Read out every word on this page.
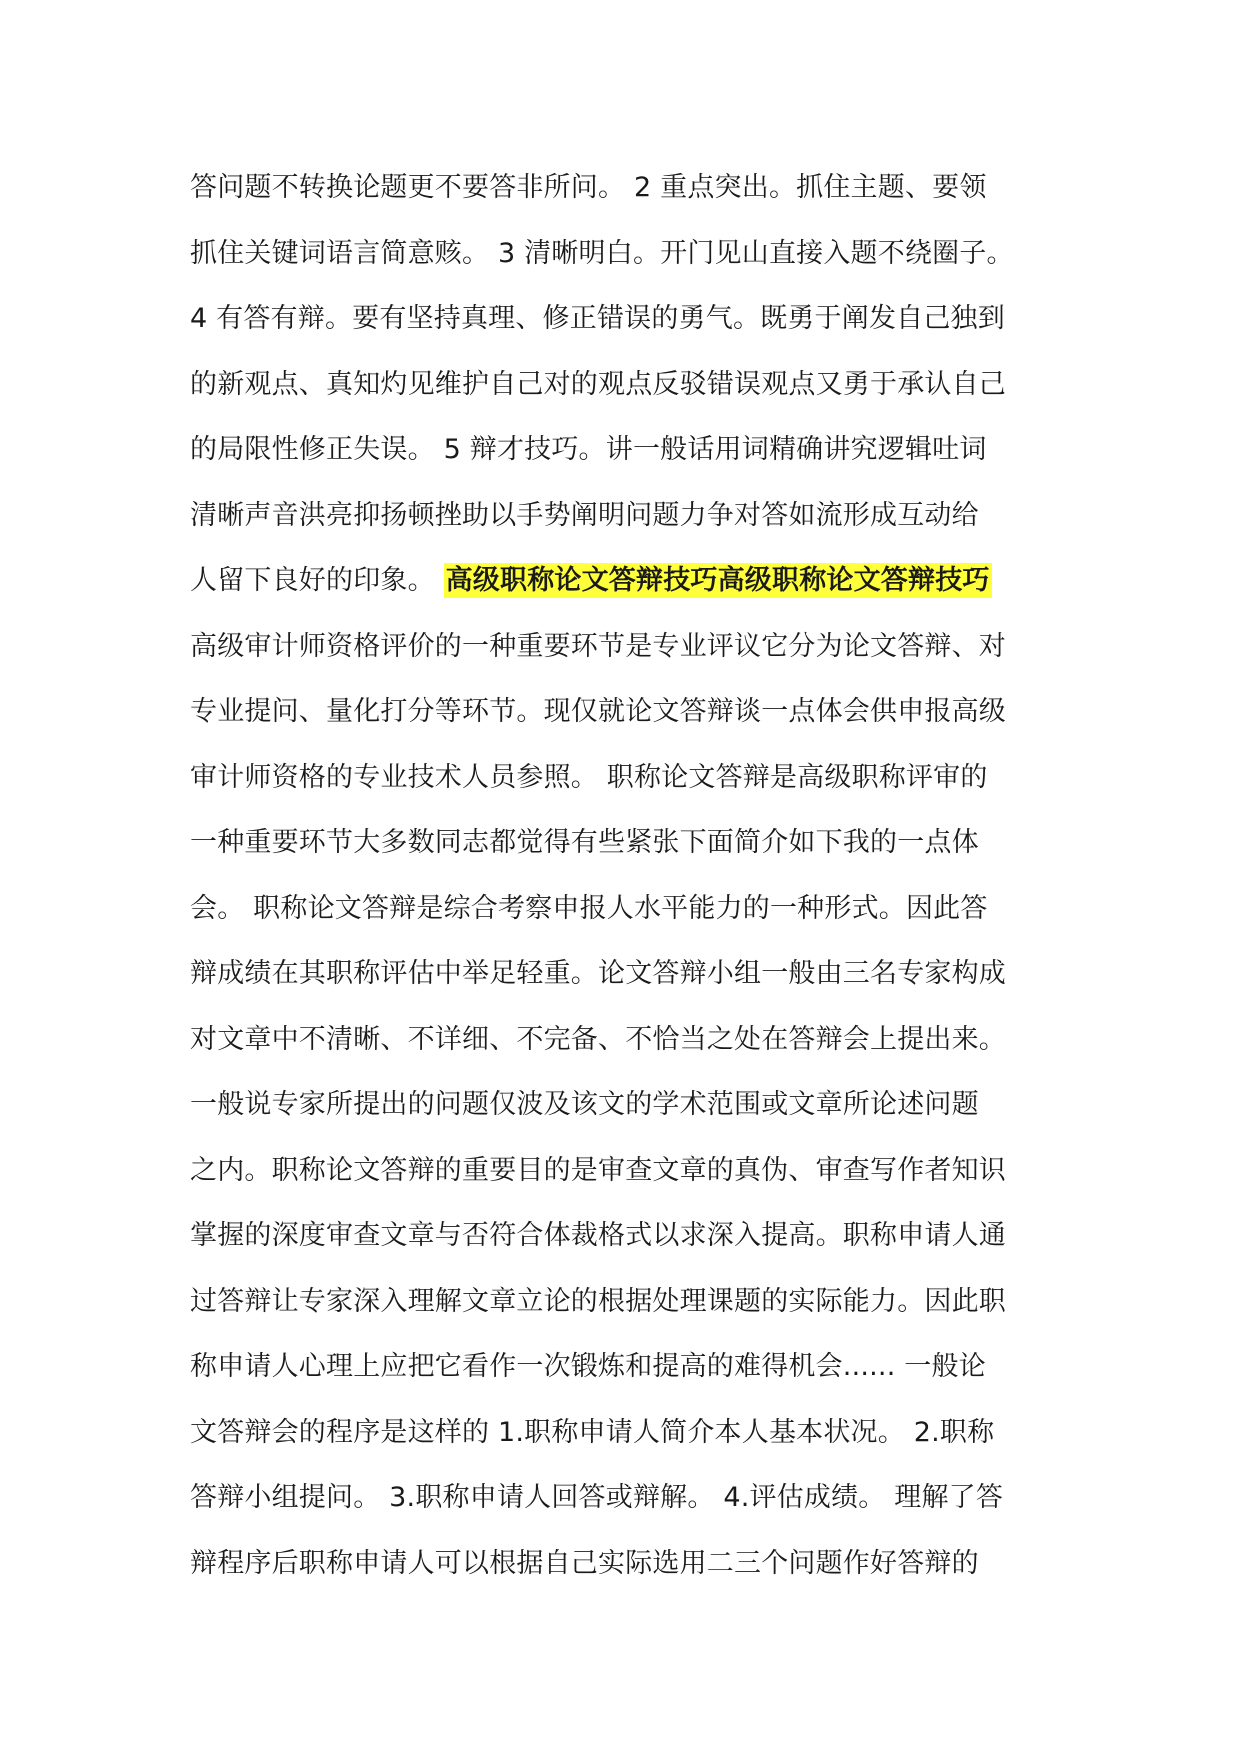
答问题不转换论题更不要答非所问。 2 重点突出。抓住主题、要领
抓住关键词语言简意赅。 3 清晰明白。开门见山直接入题不绕圈子。
4 有答有辩。要有坚持真理、修正错误的勇气。既勇于阐发自己独到
的新观点、真知灼见维护自己对的观点反驳错误观点又勇于承认自己
的局限性修正失误。 5 辩才技巧。讲一般话用词精确讲究逻辑吐词
清晰声音洪亮抑扬顿挫助以手势阐明问题力争对答如流形成互动给
人留下良好的印象。 高级职称论文答辩技巧高级职称论文答辩技巧
高级审计师资格评价的一种重要环节是专业评议它分为论文答辩、对
专业提问、量化打分等环节。现仅就论文答辩谈一点体会供申报高级
审计师资格的专业技术人员参照。 职称论文答辩是高级职称评审的
一种重要环节大多数同志都觉得有些紧张下面简介如下我的一点体
会。 职称论文答辩是综合考察申报人水平能力的一种形式。因此答
辩成绩在其职称评估中举足轻重。论文答辩小组一般由三名专家构成
对文章中不清晰、不详细、不完备、不恰当之处在答辩会上提出来。
一般说专家所提出的问题仅波及该文的学术范围或文章所论述问题
之内。职称论文答辩的重要目的是审查文章的真伪、审查写作者知识
掌握的深度审查文章与否符合体裁格式以求深入提高。职称申请人通
过答辩让专家深入理解文章立论的根据处理课题的实际能力。因此职
称申请人心理上应把它看作一次锻炼和提高的难得机会...... 一般论
文答辩会的程序是这样的 1.职称申请人简介本人基本状况。 2.职称
答辩小组提问。 3.职称申请人回答或辩解。 4.评估成绩。 理解了答
辩程序后职称申请人可以根据自己实际选用二三个问题作好答辩的
